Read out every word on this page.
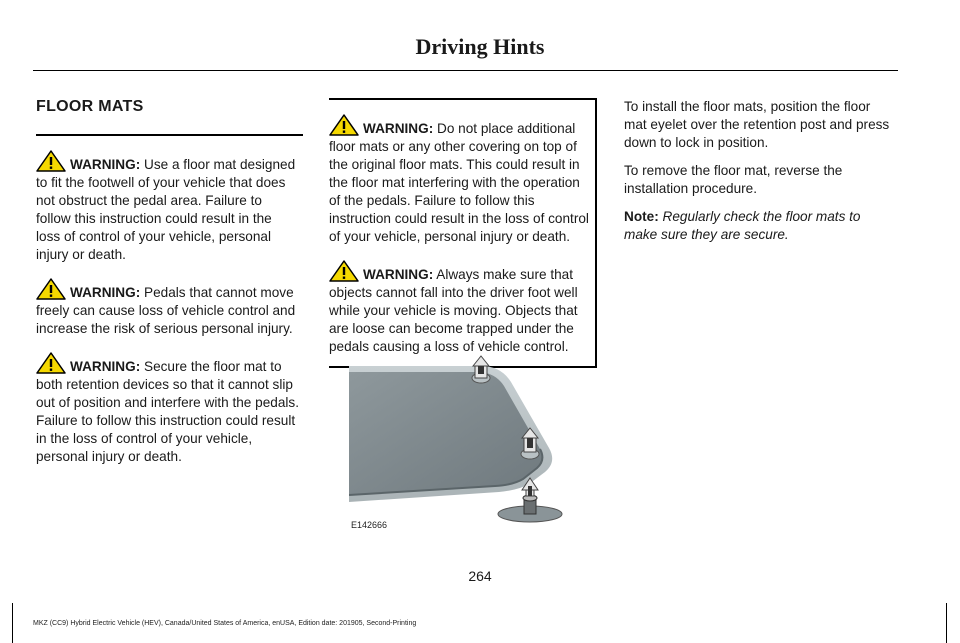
Driving Hints
FLOOR MATS

WARNING: Use a floor mat designed to fit the footwell of your vehicle that does not obstruct the pedal area. Failure to follow this instruction could result in the loss of control of your vehicle, personal injury or death.

WARNING: Pedals that cannot move freely can cause loss of vehicle control and increase the risk of serious personal injury.

WARNING: Secure the floor mat to both retention devices so that it cannot slip out of position and interfere with the pedals. Failure to follow this instruction could result in the loss of control of your vehicle, personal injury or death.

WARNING: Do not place additional floor mats or any other covering on top of the original floor mats. This could result in the floor mat interfering with the operation of the pedals. Failure to follow this instruction could result in the loss of control of your vehicle, personal injury or death.

WARNING: Always make sure that objects cannot fall into the driver foot well while your vehicle is moving. Objects that are loose can become trapped under the pedals causing a loss of vehicle control.

E142666

To install the floor mats, position the floor mat eyelet over the retention post and press down to lock in position.

To remove the floor mat, reverse the installation procedure.

Note: Regularly check the floor mats to make sure they are secure.

264
MKZ (CC9) Hybrid Electric Vehicle (HEV), Canada/United States of America, enUSA, Edition date: 201905, Second-Printing
